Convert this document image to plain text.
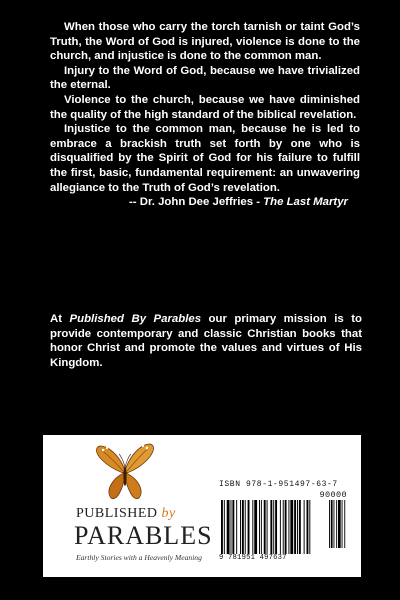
When those who carry the torch tarnish or taint God’s Truth, the Word of God is injured, violence is done to the church, and injustice is done to the common man.

Injury to the Word of God, because we have trivialized the eternal.

Violence to the church, because we have diminished the quality of the high standard of the biblical revelation.

Injustice to the common man, because he is led to embrace a brackish truth set forth by one who is disqualified by the Spirit of God for his failure to fulfill the first, basic, fundamental requirement: an unwavering allegiance to the Truth of God’s revelation.

-- Dr. John Dee Jeffries - The Last Martyr

At Published By Parables our primary mission is to provide contemporary and classic Christian books that honor Christ and promote the values and virtues of His Kingdom.
PUBLISHED by
PARABLES
Earthly Stories with a Heavenly Meaning
ISBN 978-1-951497-63-7
90000
9 781951 497637
